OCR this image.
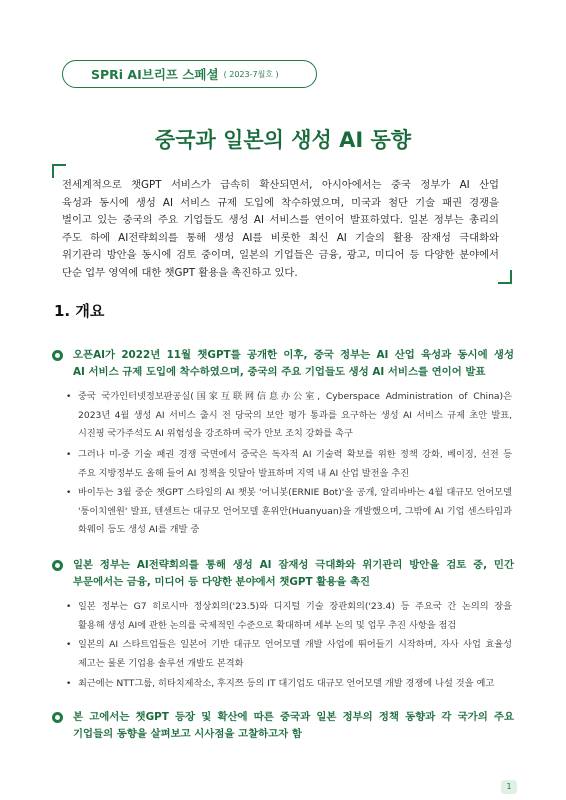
SPRi AI브리프 스페셜 ( 2023-7월호 )
중국과 일본의 생성 AI 동향
전세계적으로 챗GPT 서비스가 급속히 확산되면서, 아시아에서는 중국 정부가 AI 산업
육성과 동시에 생성 AI 서비스 규제 도입에 착수하였으며, 미국과 첨단 기술 패권 경쟁을
벌이고 있는 중국의 주요 기업들도 생성 AI 서비스를 연이어 발표하였다. 일본 정부는 총리의
주도 하에 AI전략회의를 통해 생성 AI를 비롯한 최신 AI 기술의 활용 잠재성 극대화와
위기관리 방안을 동시에 검토 중이며, 일본의 기업들은 금융, 광고, 미디어 등 다양한 분야에서
단순 업무 영역에 대한 챗GPT 활용을 촉진하고 있다.
1. 개요
오픈AI가 2022년 11월 챗GPT를 공개한 이후, 중국 정부는 AI 산업 육성과 동시에 생성
AI 서비스 규제 도입에 착수하였으며, 중국의 주요 기업들도 생성 AI 서비스를 연이어 발표
• 중국 국가인터넷정보판공실(国家互联网信息办公室, Cyberspace Administration of China)은
2023년 4월 생성 AI 서비스 출시 전 당국의 보안 평가 통과를 요구하는 생성 AI 서비스 규제 초안 발표,
시진핑 국가주석도 AI 위험성을 강조하며 국가 안보 조치 강화를 촉구
• 그러나 미-중 기술 패권 경쟁 국면에서 중국은 독자적 AI 기술력 확보를 위한 정책 강화, 베이징, 선전 등
주요 지방정부도 올해 들어 AI 정책을 잇달아 발표하며 지역 내 AI 산업 발전을 추진
• 바이두는 3월 중순 챗GPT 스타일의 AI 챗봇 '어니봇(ERNIE Bot)'을 공개, 알리바바는 4월 대규모 언어모델
'퉁이치엔원' 발표, 텐센트는 대규모 언어모델 훈위안(Huanyuan)을 개발했으며, 그밖에 AI 기업 센스타임과
화웨이 등도 생성 AI를 개발 중
일본 정부는 AI전략회의를 통해 생성 AI 잠재성 극대화와 위기관리 방안을 검토 중, 민간
부문에서는 금융, 미디어 등 다양한 분야에서 챗GPT 활용을 촉진
• 일본 정부는 G7 히로시마 정상회의('23.5)와 디지털 기술 장관회의('23.4) 등 주요국 간 논의의 장을
활용해 생성 AI에 관한 논의를 국제적인 수준으로 확대하며 세부 논의 및 업무 추진 사항을 점검
• 일본의 AI 스타트업들은 일본어 기반 대규모 언어모델 개발 사업에 뛰어들기 시작하며, 자사 사업 효율성
제고는 물론 기업용 솔루션 개발도 본격화
• 최근에는 NTT그룹, 히타치제작소, 후지쯔 등의 IT 대기업도 대규모 언어모델 개발 경쟁에 나설 것을 예고
본 고에서는 챗GPT 등장 및 확산에 따른 중국과 일본 정부의 정책 동향과 각 국가의 주요
기업들의 동향을 살펴보고 시사점을 고찰하고자 함
1
